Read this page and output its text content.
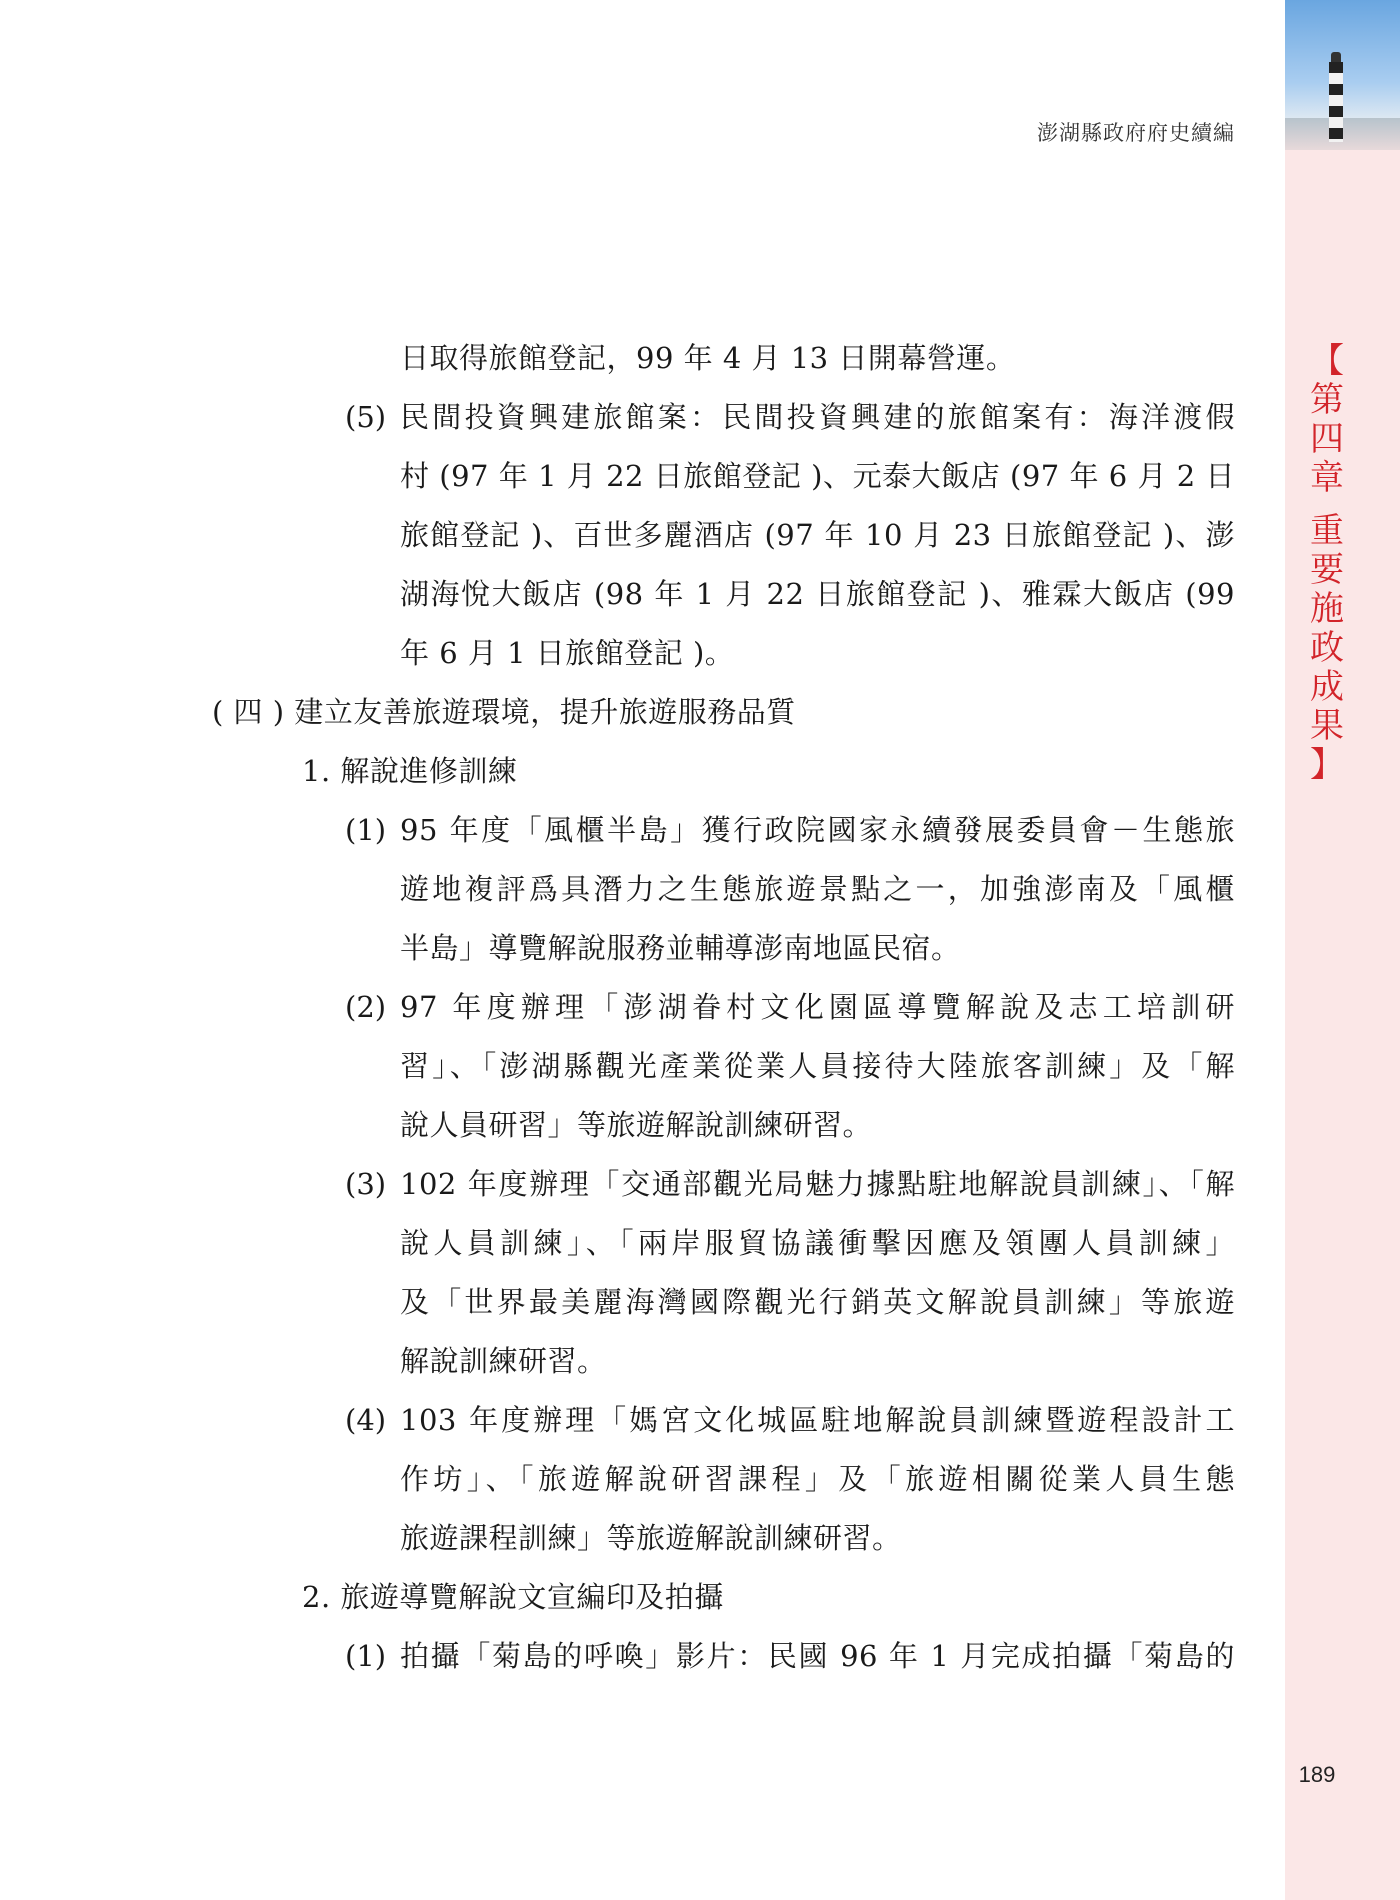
澎湖縣政府府史續編
【
第
四
章
重
要
施
政
成
果
】
日取得旅館登記，99 年 4 月 13 日開幕營運。
(5) 民間投資興建旅館案：民間投資興建的旅館案有：海洋渡假
村 (97 年 1 月 22 日旅館登記 )、元泰大飯店 (97 年 6 月 2 日
旅館登記 )、百世多麗酒店 (97 年 10 月 23 日旅館登記 )、澎
湖海悅大飯店 (98 年 1 月 22 日旅館登記 )、雅霖大飯店 (99
年 6 月 1 日旅館登記 )。
( 四 ) 建立友善旅遊環境，提升旅遊服務品質
1. 解說進修訓練
(1) 95 年度「風櫃半島」獲行政院國家永續發展委員會－生態旅
遊地複評爲具潛力之生態旅遊景點之一，加強澎南及「風櫃
半島」導覽解說服務並輔導澎南地區民宿。
(2) 97 年度辦理「澎湖眷村文化園區導覽解說及志工培訓研
習」、「澎湖縣觀光產業從業人員接待大陸旅客訓練」及「解
說人員研習」等旅遊解說訓練研習。
(3) 102 年度辦理「交通部觀光局魅力據點駐地解說員訓練」、「解
說人員訓練」、「兩岸服貿協議衝擊因應及領團人員訓練」
及「世界最美麗海灣國際觀光行銷英文解說員訓練」等旅遊
解說訓練研習。
(4) 103 年度辦理「媽宮文化城區駐地解說員訓練暨遊程設計工
作坊」、「旅遊解說研習課程」及「旅遊相關從業人員生態
旅遊課程訓練」等旅遊解說訓練研習。
2. 旅遊導覽解說文宣編印及拍攝
(1) 拍攝「菊島的呼喚」影片：民國 96 年 1 月完成拍攝「菊島的
189
